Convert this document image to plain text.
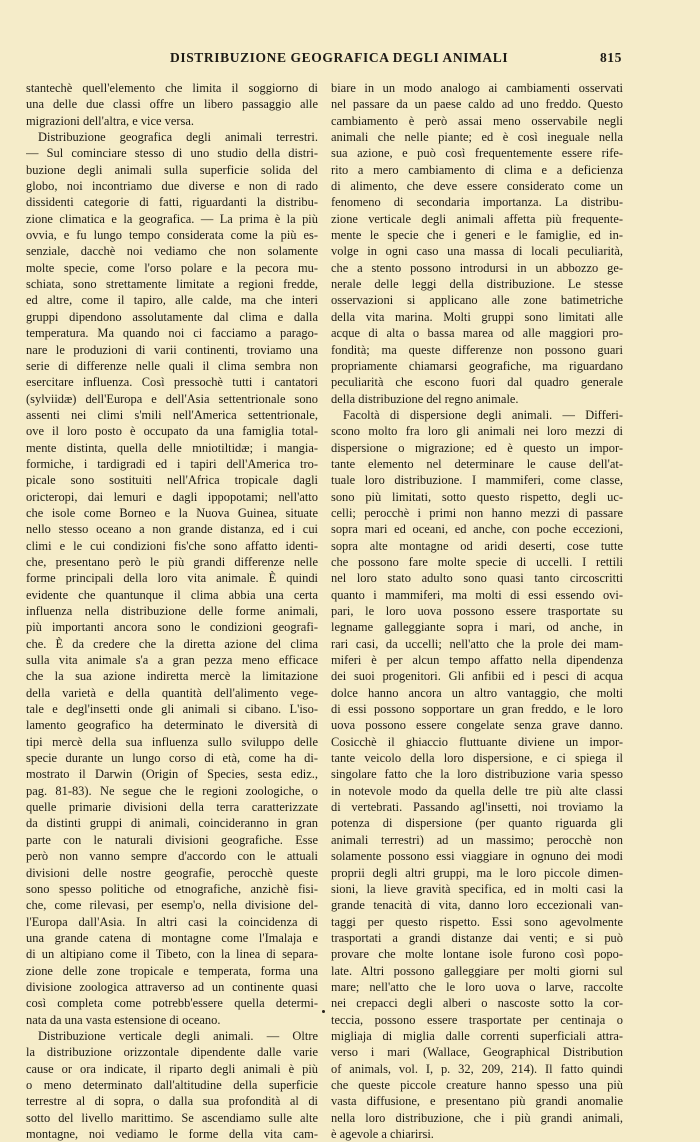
DISTRIBUZIONE GEOGRAFICA DEGLI ANIMALI	815
stantechè quell'elemento che limita il soggiorno di
una delle due classi offre un libero passaggio alle
migrazioni dell'altra, e vice versa.
Distribuzione geografica degli animali terrestri.
— Sul cominciare stesso di uno studio della distri-
buzione degli animali sulla superficie solida del
globo, noi incontriamo due diverse e non di rado
dissidenti categorie di fatti, riguardanti la distribu-
zione climatica e la geografica. — La prima è la più
ovvia, e fu lungo tempo considerata come la più es-
senziale, dacchè noi vediamo che non solamente
molte specie, come l'orso polare e la pecora mu-
schiata, sono strettamente limitate a regioni fredde,
ed altre, come il tapiro, alle calde, ma che interi
gruppi dipendono assolutamente dal clima e dalla
temperatura. Ma quando noi ci facciamo a parago-
nare le produzioni di varii continenti, troviamo una
serie di differenze nelle quali il clima sembra non
esercitare influenza. Così pressochè tutti i cantatori
(sylviidæ) dell'Europa e dell'Asia settentrionale sono
assenti nei climi s'mili nell'America settentrionale,
ove il loro posto è occupato da una famiglia total-
mente distinta, quella delle mniotiltidæ; i mangia-
formiche, i tardigradi ed i tapiri dell'America tro-
picale sono sostituiti nell'Africa tropicale dagli
oricteropi, dai lemuri e dagli ippopotami; nell'atto
che isole come Borneo e la Nuova Guinea, situate
nello stesso oceano a non grande distanza, ed i cui
climi e le cui condizioni fis'che sono affatto identi-
che, presentano però le più grandi differenze nelle
forme principali della loro vita animale. È quindi
evidente che quantunque il clima abbia una certa
influenza nella distribuzione delle forme animali,
più importanti ancora sono le condizioni geografi-
che. È da credere che la diretta azione del clima
sulla vita animale s'a a gran pezza meno efficace
che la sua azione indiretta mercè la limitazione
della varietà e della quantità dell'alimento vege-
tale e degl'insetti onde gli animali si cibano. L'iso-
lamento geografico ha determinato le diversità di
tipi mercè della sua influenza sullo sviluppo delle
specie durante un lungo corso di età, come ha di-
mostrato il Darwin (Origin of Species, sesta ediz.,
pag. 81-83). Ne segue che le regioni zoologiche, o
quelle primarie divisioni della terra caratterizzate
da distinti gruppi di animali, coincideranno in gran
parte con le naturali divisioni geografiche. Esse
però non vanno sempre d'accordo con le attuali
divisioni delle nostre geografie, perocchè queste
sono spesso politiche od etnografiche, anzichè fisi-
che, come rilevasi, per esemp'o, nella divisione del-
l'Europa dall'Asia. In altri casi la coincidenza di
una grande catena di montagne come l'Imalaja e
di un altipiano come il Tibeto, con la linea di separa-
zione delle zone tropicale e temperata, forma una
divisione zoologica attraverso ad un continente quasi
così completa come potrebb'essere quella determi-
nata da una vasta estensione di oceano.
Distribuzione verticale degli animali. — Oltre
la distribuzione orizzontale dipendente dalle varie
cause or ora indicate, il riparto degli animali è più
o meno determinato dall'altitudine della superficie
terrestre al di sopra, o dalla sua profondità al di
sotto del livello marittimo. Se ascendiamo sulle alte
montagne, noi vediamo le forme della vita cam-
biare in un modo analogo ai cambiamenti osservati
nel passare da un paese caldo ad uno freddo. Questo
cambiamento è però assai meno osservabile negli
animali che nelle piante; ed è così ineguale nella
sua azione, e può così frequentemente essere rife-
rito a mero cambiamento di clima e a deficienza
di alimento, che deve essere considerato come un
fenomeno di secondaria importanza. La distribu-
zione verticale degli animali affetta più frequente-
mente le specie che i generi e le famiglie, ed in-
volge in ogni caso una massa di locali peculiarità,
che a stento possono introdursi in un abbozzo ge-
nerale delle leggi della distribuzione. Le stesse
osservazioni si applicano alle zone batimetriche
della vita marina. Molti gruppi sono limitati alle
acque di alta o bassa marea od alle maggiori pro-
fondità; ma queste differenze non possono guari
propriamente chiamarsi geografiche, ma riguardano
peculiarità che escono fuori dal quadro generale
della distribuzione del regno animale.
Facoltà di dispersione degli animali. — Differi-
scono molto fra loro gli animali nei loro mezzi di
dispersione o migrazione; ed è questo un impor-
tante elemento nel determinare le cause dell'at-
tuale loro distribuzione. I mammiferi, come classe,
sono più limitati, sotto questo rispetto, degli uc-
celli; perocchè i primi non hanno mezzi di passare
sopra mari ed oceani, ed anche, con poche eccezioni,
sopra alte montagne od aridi deserti, cose tutte
che possono fare molte specie di uccelli. I rettili
nel loro stato adulto sono quasi tanto circoscritti
quanto i mammiferi, ma molti di essi essendo ovi-
pari, le loro uova possono essere trasportate su
legname galleggiante sopra i mari, od anche, in
rari casi, da uccelli; nell'atto che la prole dei mam-
miferi è per alcun tempo affatto nella dipendenza
dei suoi progenitori. Gli anfibii ed i pesci di acqua
dolce hanno ancora un altro vantaggio, che molti
di essi possono sopportare un gran freddo, e le loro
uova possono essere congelate senza grave danno.
Cosicchè il ghiaccio fluttuante diviene un impor-
tante veicolo della loro dispersione, e ci spiega il
singolare fatto che la loro distribuzione varia spesso
in notevole modo da quella delle tre più alte classi
di vertebrati. Passando agl'insetti, noi troviamo la
potenza di dispersione (per quanto riguarda gli
animali terrestri) ad un massimo; perocchè non
solamente possono essi viaggiare in ognuno dei modi
proprii degli altri gruppi, ma le loro piccole dimen-
sioni, la lieve gravità specifica, ed in molti casi la
grande tenacità di vita, danno loro eccezionali van-
taggi per questo rispetto. Essi sono agevolmente
trasportati a grandi distanze dai venti; e si può
provare che molte lontane isole furono così popo-
late. Altri possono galleggiare per molti giorni sul
mare; nell'atto che le loro uova o larve, raccolte
nei crepacci degli alberi o nascoste sotto la cor-
teccia, possono essere trasportate per centinaja o
migliaja di miglia dalle correnti superficiali attra-
verso i mari (Wallace, Geographical Distribution
of animals, vol. I, p. 32, 209, 214). Il fatto quindi
che queste piccole creature hanno spesso una più
vasta diffusione, e presentano più grandi anomalie
nella loro distribuzione, che i più grandi animali,
è agevole a chiarirsi.
